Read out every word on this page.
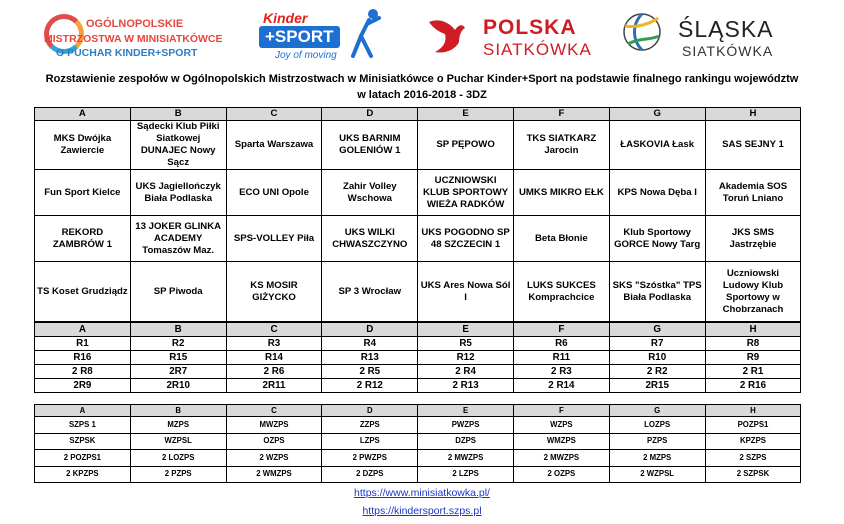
OGÓLNOPOLSKIE
MISTRZOSTWA W MINISIATKÓWCE
O PUCHAR KINDER+SPORT
Kinder
+SPORT
Joy of moving
POLSKA
SIATKÓWKA
ŚLĄSKA
SIATKÓWKA
Rozstawienie zespołów w Ogólnopolskich Mistrzostwach w Minisiatkówce o Puchar Kinder+Sport na podstawie finalnego rankingu województw
w latach 2016-2018 - 3DZ
A	B	C	D	E	F	G	H
MKS Dwójka Zawiercie	Sądecki Klub Piłki Siatkowej DUNAJEC Nowy Sącz	Sparta Warszawa	UKS BARNIM GOLENIÓW 1	SP PĘPOWO	TKS SIATKARZ Jarocin	ŁASKOVIA Łask	SAS SEJNY 1
Fun Sport Kielce	UKS Jagiellończyk Biała Podlaska	ECO UNI Opole	Zahir Volley Wschowa	UCZNIOWSKI KLUB SPORTOWY WIEŻA RADKÓW	UMKS MIKRO EŁK	KPS Nowa Dęba I	Akademia SOS Toruń Lniano
REKORD ZAMBRÓW 1	13 JOKER GLINKA ACADEMY Tomaszów Maz.	SPS-VOLLEY Piła	UKS WILKI CHWASZCZYNO	UKS POGODNO SP 48 SZCZECIN 1	Beta Błonie	Klub Sportowy GORCE Nowy Targ	JKS SMS Jastrzębie
TS Koset Grudziądz	SP Piwoda	KS MOSIR GIŻYCKO	SP 3 Wrocław	UKS Ares Nowa Sól I	LUKS SUKCES Komprachcice	SKS "Szóstka" TPS Biała Podlaska	Uczniowski Ludowy Klub Sportowy w Chobrzanach
A	B	C	D	E	F	G	H
R1	R2	R3	R4	R5	R6	R7	R8
R16	R15	R14	R13	R12	R11	R10	R9
2 R8	2R7	2 R6	2 R5	2 R4	2 R3	2 R2	2 R1
2R9	2R10	2R11	2 R12	2 R13	2 R14	2R15	2 R16
A	B	C	D	E	F	G	H
SZPS 1	MZPS	MWZPS	ZZPS	PWZPS	WZPS	LOZPS	POZPS1
SZPSK	WZPSL	OZPS	LZPS	DZPS	WMZPS	PZPS	KPZPS
2 POZPS1	2 LOZPS	2 WZPS	2 PWZPS	2 MWZPS	2 MWZPS	2 MZPS	2 SZPS
2 KPZPS	2 PZPS	2 WMZPS	2 DZPS	2 LZPS	2 OZPS	2 WZPSL	2 SZPSK
https://www.minisiatkowka.pl/
https://kindersport.szps.pl
